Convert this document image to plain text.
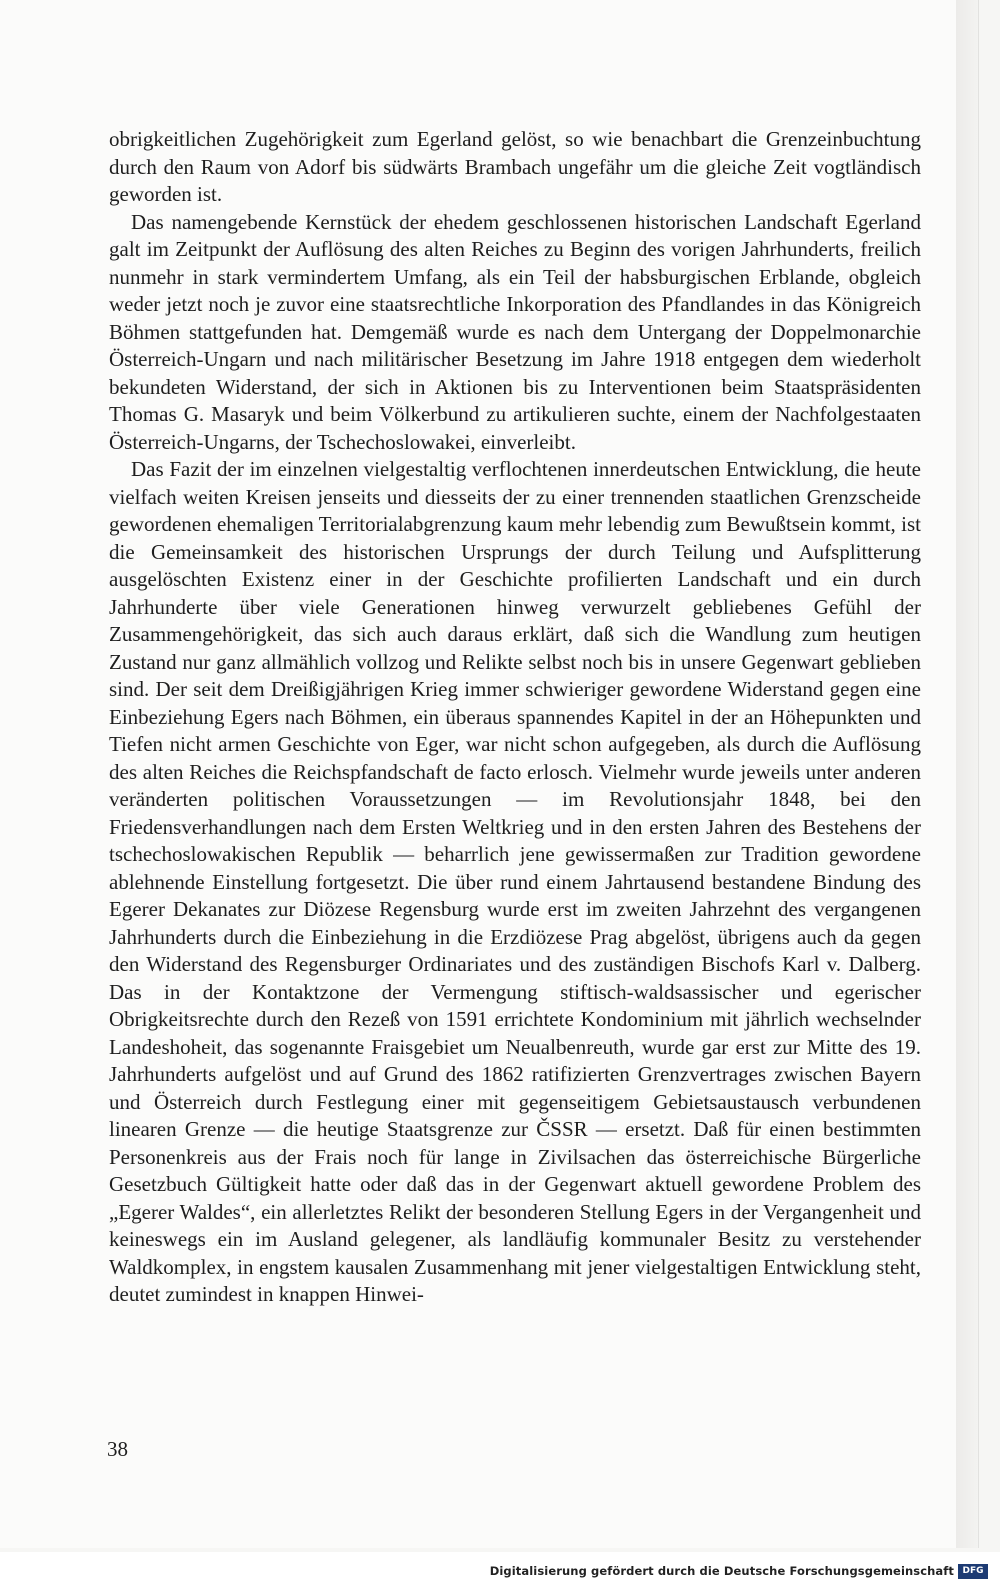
obrigkeitlichen Zugehörigkeit zum Egerland gelöst, so wie benachbart die Grenzeinbuchtung durch den Raum von Adorf bis südwärts Brambach ungefähr um die gleiche Zeit vogtländisch geworden ist.

Das namengebende Kernstück der ehedem geschlossenen historischen Landschaft Egerland galt im Zeitpunkt der Auflösung des alten Reiches zu Beginn des vorigen Jahrhunderts, freilich nunmehr in stark vermindertem Umfang, als ein Teil der habsburgischen Erblande, obgleich weder jetzt noch je zuvor eine staatsrechtliche Inkorporation des Pfandlandes in das Königreich Böhmen stattgefunden hat. Demgemäß wurde es nach dem Untergang der Doppelmonarchie Österreich-Ungarn und nach militärischer Besetzung im Jahre 1918 entgegen dem wiederholt bekundeten Widerstand, der sich in Aktionen bis zu Interventionen beim Staatspräsidenten Thomas G. Masaryk und beim Völkerbund zu artikulieren suchte, einem der Nachfolgestaaten Österreich-Ungarns, der Tschechoslowakei, einverleibt.

Das Fazit der im einzelnen vielgestaltig verflochtenen innerdeutschen Entwicklung, die heute vielfach weiten Kreisen jenseits und diesseits der zu einer trennenden staatlichen Grenzscheide gewordenen ehemaligen Territorialabgrenzung kaum mehr lebendig zum Bewußtsein kommt, ist die Gemeinsamkeit des historischen Ursprungs der durch Teilung und Aufsplitterung ausgelöschten Existenz einer in der Geschichte profilierten Landschaft und ein durch Jahrhunderte über viele Generationen hinweg verwurzelt gebliebenes Gefühl der Zusammengehörigkeit, das sich auch daraus erklärt, daß sich die Wandlung zum heutigen Zustand nur ganz allmählich vollzog und Relikte selbst noch bis in unsere Gegenwart geblieben sind. Der seit dem Dreißigjährigen Krieg immer schwieriger gewordene Widerstand gegen eine Einbeziehung Egers nach Böhmen, ein überaus spannendes Kapitel in der an Höhepunkten und Tiefen nicht armen Geschichte von Eger, war nicht schon aufgegeben, als durch die Auflösung des alten Reiches die Reichspfandschaft de facto erlosch. Vielmehr wurde jeweils unter anderen veränderten politischen Voraussetzungen — im Revolutionsjahr 1848, bei den Friedensverhandlungen nach dem Ersten Weltkrieg und in den ersten Jahren des Bestehens der tschechoslowakischen Republik — beharrlich jene gewissermaßen zur Tradition gewordene ablehnende Einstellung fortgesetzt. Die über rund einem Jahrtausend bestandene Bindung des Egerer Dekanates zur Diözese Regensburg wurde erst im zweiten Jahrzehnt des vergangenen Jahrhunderts durch die Einbeziehung in die Erzdiözese Prag abgelöst, übrigens auch da gegen den Widerstand des Regensburger Ordinariates und des zuständigen Bischofs Karl v. Dalberg. Das in der Kontaktzone der Vermengung stiftisch-waldsassischer und egerischer Obrigkeitsrechte durch den Rezeß von 1591 errichtete Kondominium mit jährlich wechselnder Landeshoheit, das sogenannte Fraisgebiet um Neualbenreuth, wurde gar erst zur Mitte des 19. Jahrhunderts aufgelöst und auf Grund des 1862 ratifizierten Grenzvertrages zwischen Bayern und Österreich durch Festlegung einer mit gegenseitigem Gebietsaustausch verbundenen linearen Grenze — die heutige Staatsgrenze zur ČSSR — ersetzt. Daß für einen bestimmten Personenkreis aus der Frais noch für lange in Zivilsachen das österreichische Bürgerliche Gesetzbuch Gültigkeit hatte oder daß das in der Gegenwart aktuell gewordene Problem des „Egerer Waldes“, ein allerletztes Relikt der besonderen Stellung Egers in der Vergangenheit und keineswegs ein im Ausland gelegener, als landläufig kommunaler Besitz zu verstehender Waldkomplex, in engstem kausalen Zusammenhang mit jener vielgestaltigen Entwicklung steht, deutet zumindest in knappen Hinwei-

38
Digitalisierung gefördert durch die Deutsche Forschungsgemeinschaft DFG
